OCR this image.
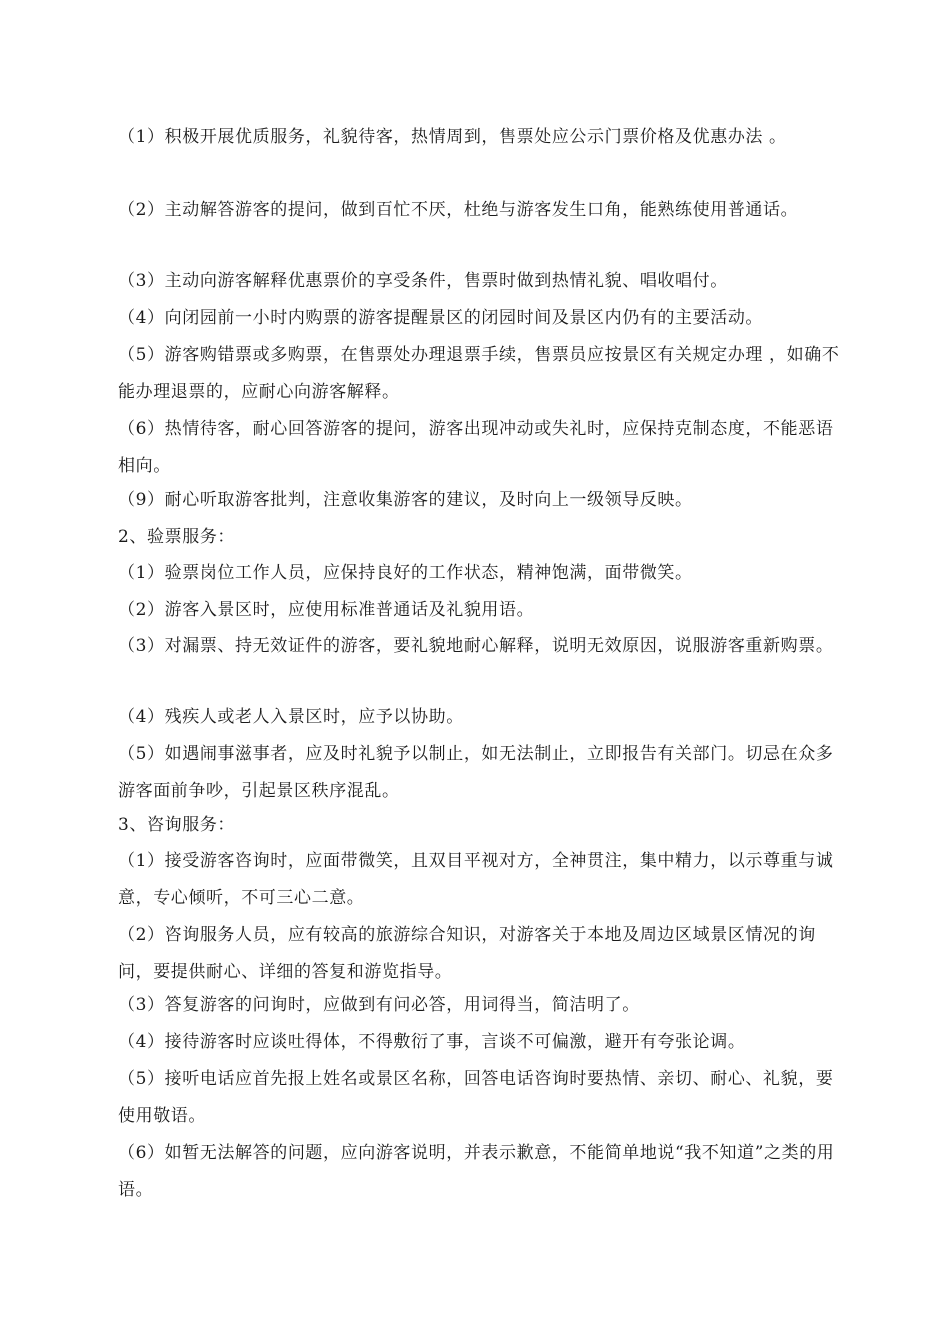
（1）积极开展优质服务，礼貌待客，热情周到，售票处应公示门票价格及优惠办法 。
（2）主动解答游客的提问，做到百忙不厌，杜绝与游客发生口角，能熟练使用普通话。
（3）主动向游客解释优惠票价的享受条件，售票时做到热情礼貌、唱收唱付。
（4）向闭园前一小时内购票的游客提醒景区的闭园时间及景区内仍有的主要活动。
（5）游客购错票或多购票，在售票处办理退票手续，售票员应按景区有关规定办理 ，如确不能办理退票的，应耐心向游客解释。
（6）热情待客，耐心回答游客的提问，游客出现冲动或失礼时，应保持克制态度，不能恶语相向。
（9）耐心听取游客批判，注意收集游客的建议，及时向上一级领导反映。
2、验票服务：
（1）验票岗位工作人员，应保持良好的工作状态，精神饱满，面带微笑。
（2）游客入景区时，应使用标准普通话及礼貌用语。
（3）对漏票、持无效证件的游客，要礼貌地耐心解释，说明无效原因，说服游客重新购票。
（4）残疾人或老人入景区时，应予以协助。
（5）如遇闹事滋事者，应及时礼貌予以制止，如无法制止，立即报告有关部门。切忌在众多游客面前争吵，引起景区秩序混乱。
3、咨询服务：
（1）接受游客咨询时，应面带微笑，且双目平视对方，全神贯注，集中精力，以示尊重与诚意，专心倾听，不可三心二意。
（2）咨询服务人员，应有较高的旅游综合知识，对游客关于本地及周边区域景区情况的询问，要提供耐心、详细的答复和游览指导。
（3）答复游客的问询时，应做到有问必答，用词得当，简洁明了。
（4）接待游客时应谈吐得体，不得敷衍了事，言谈不可偏激，避开有夸张论调。
（5）接听电话应首先报上姓名或景区名称，回答电话咨询时要热情、亲切、耐心、礼貌，要使用敬语。
（6）如暂无法解答的问题，应向游客说明，并表示歉意，不能简单地说“我不知道”之类的用语。
